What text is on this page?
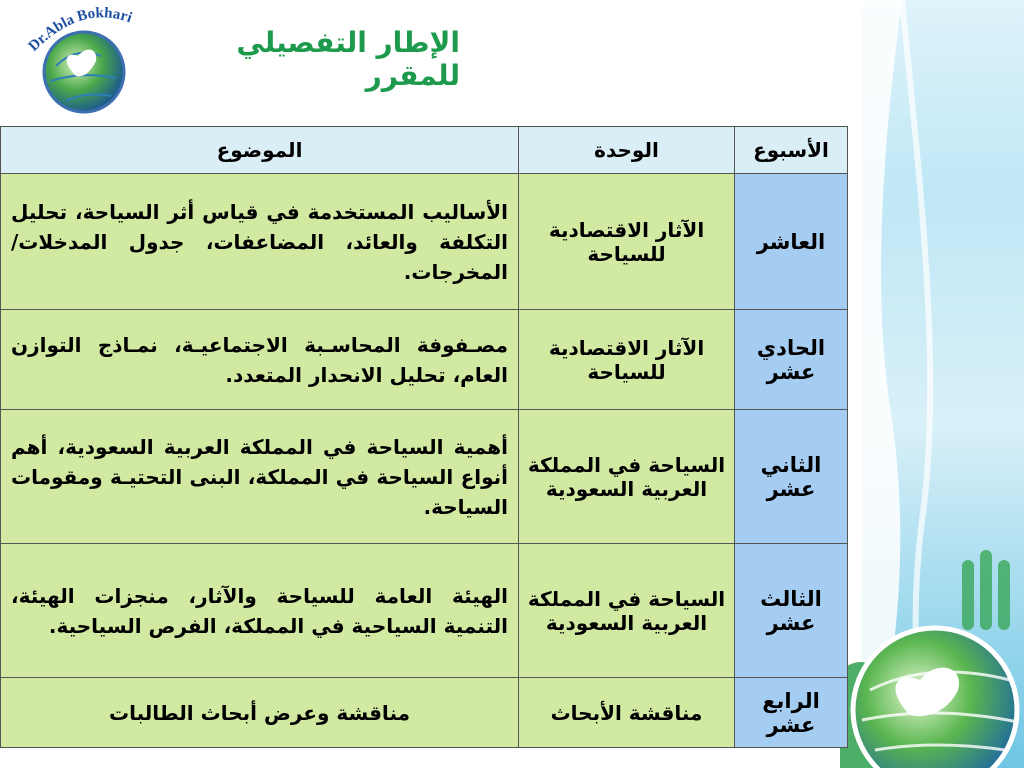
Dr.Abla Bokhari
الإطار التفصيلي للمقرر
الأسبوع	الوحدة	الموضوع
العاشر	الآثار الاقتصادية للسياحة	الأساليب المستخدمة في قياس أثر السياحة، تحليل التكلفة والعائد، المضاعفات، جدول المدخلات/المخرجات.
الحادي عشر	الآثار الاقتصادية للسياحة	مصـفوفة المحاسـبة الاجتماعيـة، نمـاذج التوازن العام، تحليل الانحدار المتعدد.
الثاني عشر	السياحة في المملكة العربية السعودية	أهمية السياحة في المملكة العربية السعودية، أهم أنواع السياحة في المملكة، البنى التحتيـة ومقومات السياحة.
الثالث عشر	السياحة في المملكة العربية السعودية	الهيئة العامة للسياحة والآثار، منجزات الهيئة، التنمية السياحية في المملكة، الفرص السياحية.
الرابع عشر	مناقشة الأبحاث	مناقشة وعرض أبحاث الطالبات
